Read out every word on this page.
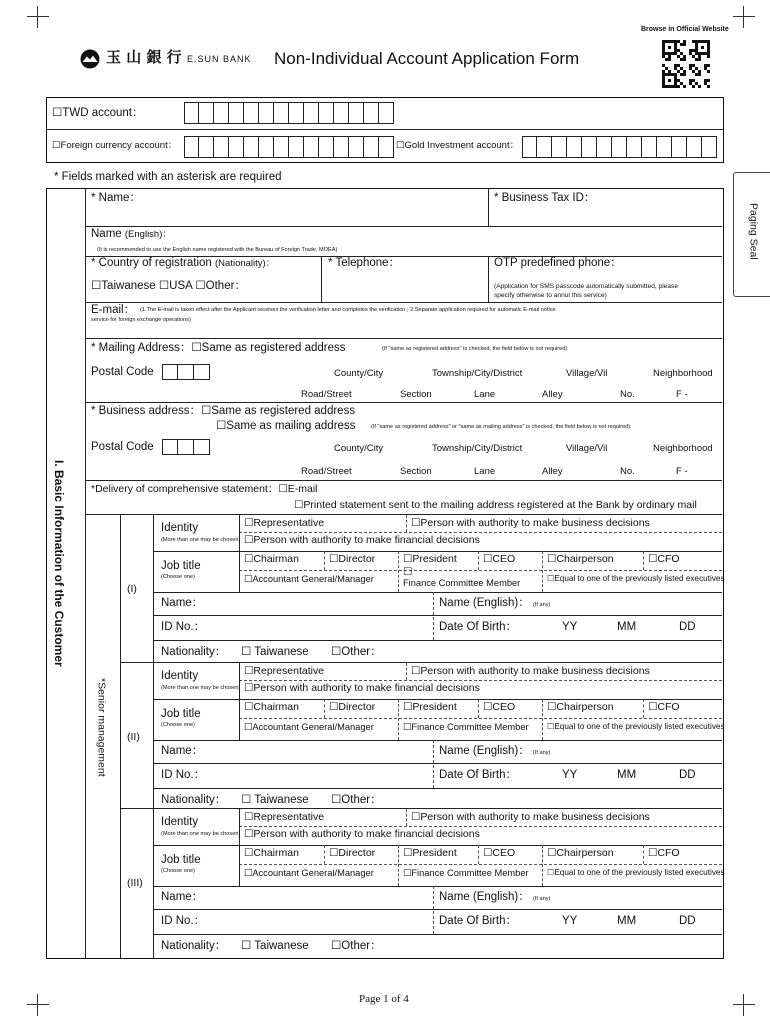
玉 山 銀 行 E.SUN BANK Non-Individual Account Application Form
Browse in Official Website
☐TWD account：
☐Foreign currency account：	☐Gold Investment account：
* Fields marked with an asterisk are required
Paging Seal
I. Basic Information of the Customer
* Name：	* Business Tax ID：
Name (English)：
(It is recommended to use the English name registered with the Bureau of Foreign Trade, MOEA)
* Country of registration (Nationality)：	* Telephone：	OTP predefined phone：
☐Taiwanese ☐USA ☐Other：	(Application for SMS passcode automatically submitted, please
specify otherwise to annul this service)
E-mail： (1.The E-mail is taken effect after the Applicant receives the verification letter and completes the verification.; 2.Separate application required for automatic E-mail notice
service for foreign exchange operations)
* Mailing Address：☐Same as registered address	(If "same as registered address" is checked, the field below is not required)
Postal Code	County/City	Township/City/District	Village/Vil	Neighborhood
Road/Street	Section	Lane	Alley	No.	F -
* Business address：☐Same as registered address
☐Same as mailing address	(If "same as registered address" or "same as mailing address" is checked, the field below is not required)
Postal Code	County/City	Township/City/District	Village/Vil	Neighborhood
Road/Street	Section	Lane	Alley	No.	F -
*Delivery of comprehensive statement：☐E-mail
☐Printed statement sent to the mailing address registered at the Bank by ordinary mail
*Senior management
(I)
Identity
(More than one may be chosen)
☐Representative	☐Person with authority to make business decisions
☐Person with authority to make financial decisions
Job title
(Choose one)
☐Chairman	☐Director	☐President ☐CEO	☐Chairperson	☐CFO
☐Accountant General/Manager
☐
Finance Committee Member	☐Equal to one of the previously listed executives
Name：	Name (English)： (If any)
ID No.：	Date Of Birth：	YY	MM	DD
Nationality： ☐ Taiwanese ☐Other：
(II)
Identity
(More than one may be chosen)
☐Representative	☐Person with authority to make business decisions
☐Person with authority to make financial decisions
Job title
(Choose one)
☐Chairman	☐Director	☐President ☐CEO	☐Chairperson	☐CFO
☐Accountant General/Manager	☐Finance Committee Member ☐Equal to one of the previously listed executives
Name：	Name (English)： (If any)
ID No.：	Date Of Birth：	YY	MM	DD
Nationality： ☐ Taiwanese ☐Other：
(III)
Identity
(More than one may be chosen)
☐Representative	☐Person with authority to make business decisions
☐Person with authority to make financial decisions
Job title
(Choose one)
☐Chairman	☐Director	☐President ☐CEO	☐Chairperson	☐CFO
☐Accountant General/Manager	☐Finance Committee Member ☐Equal to one of the previously listed executives
Name：	Name (English)： (If any)
ID No.：	Date Of Birth：	YY	MM	DD
Nationality： ☐ Taiwanese ☐Other：
Page 1 of 4
